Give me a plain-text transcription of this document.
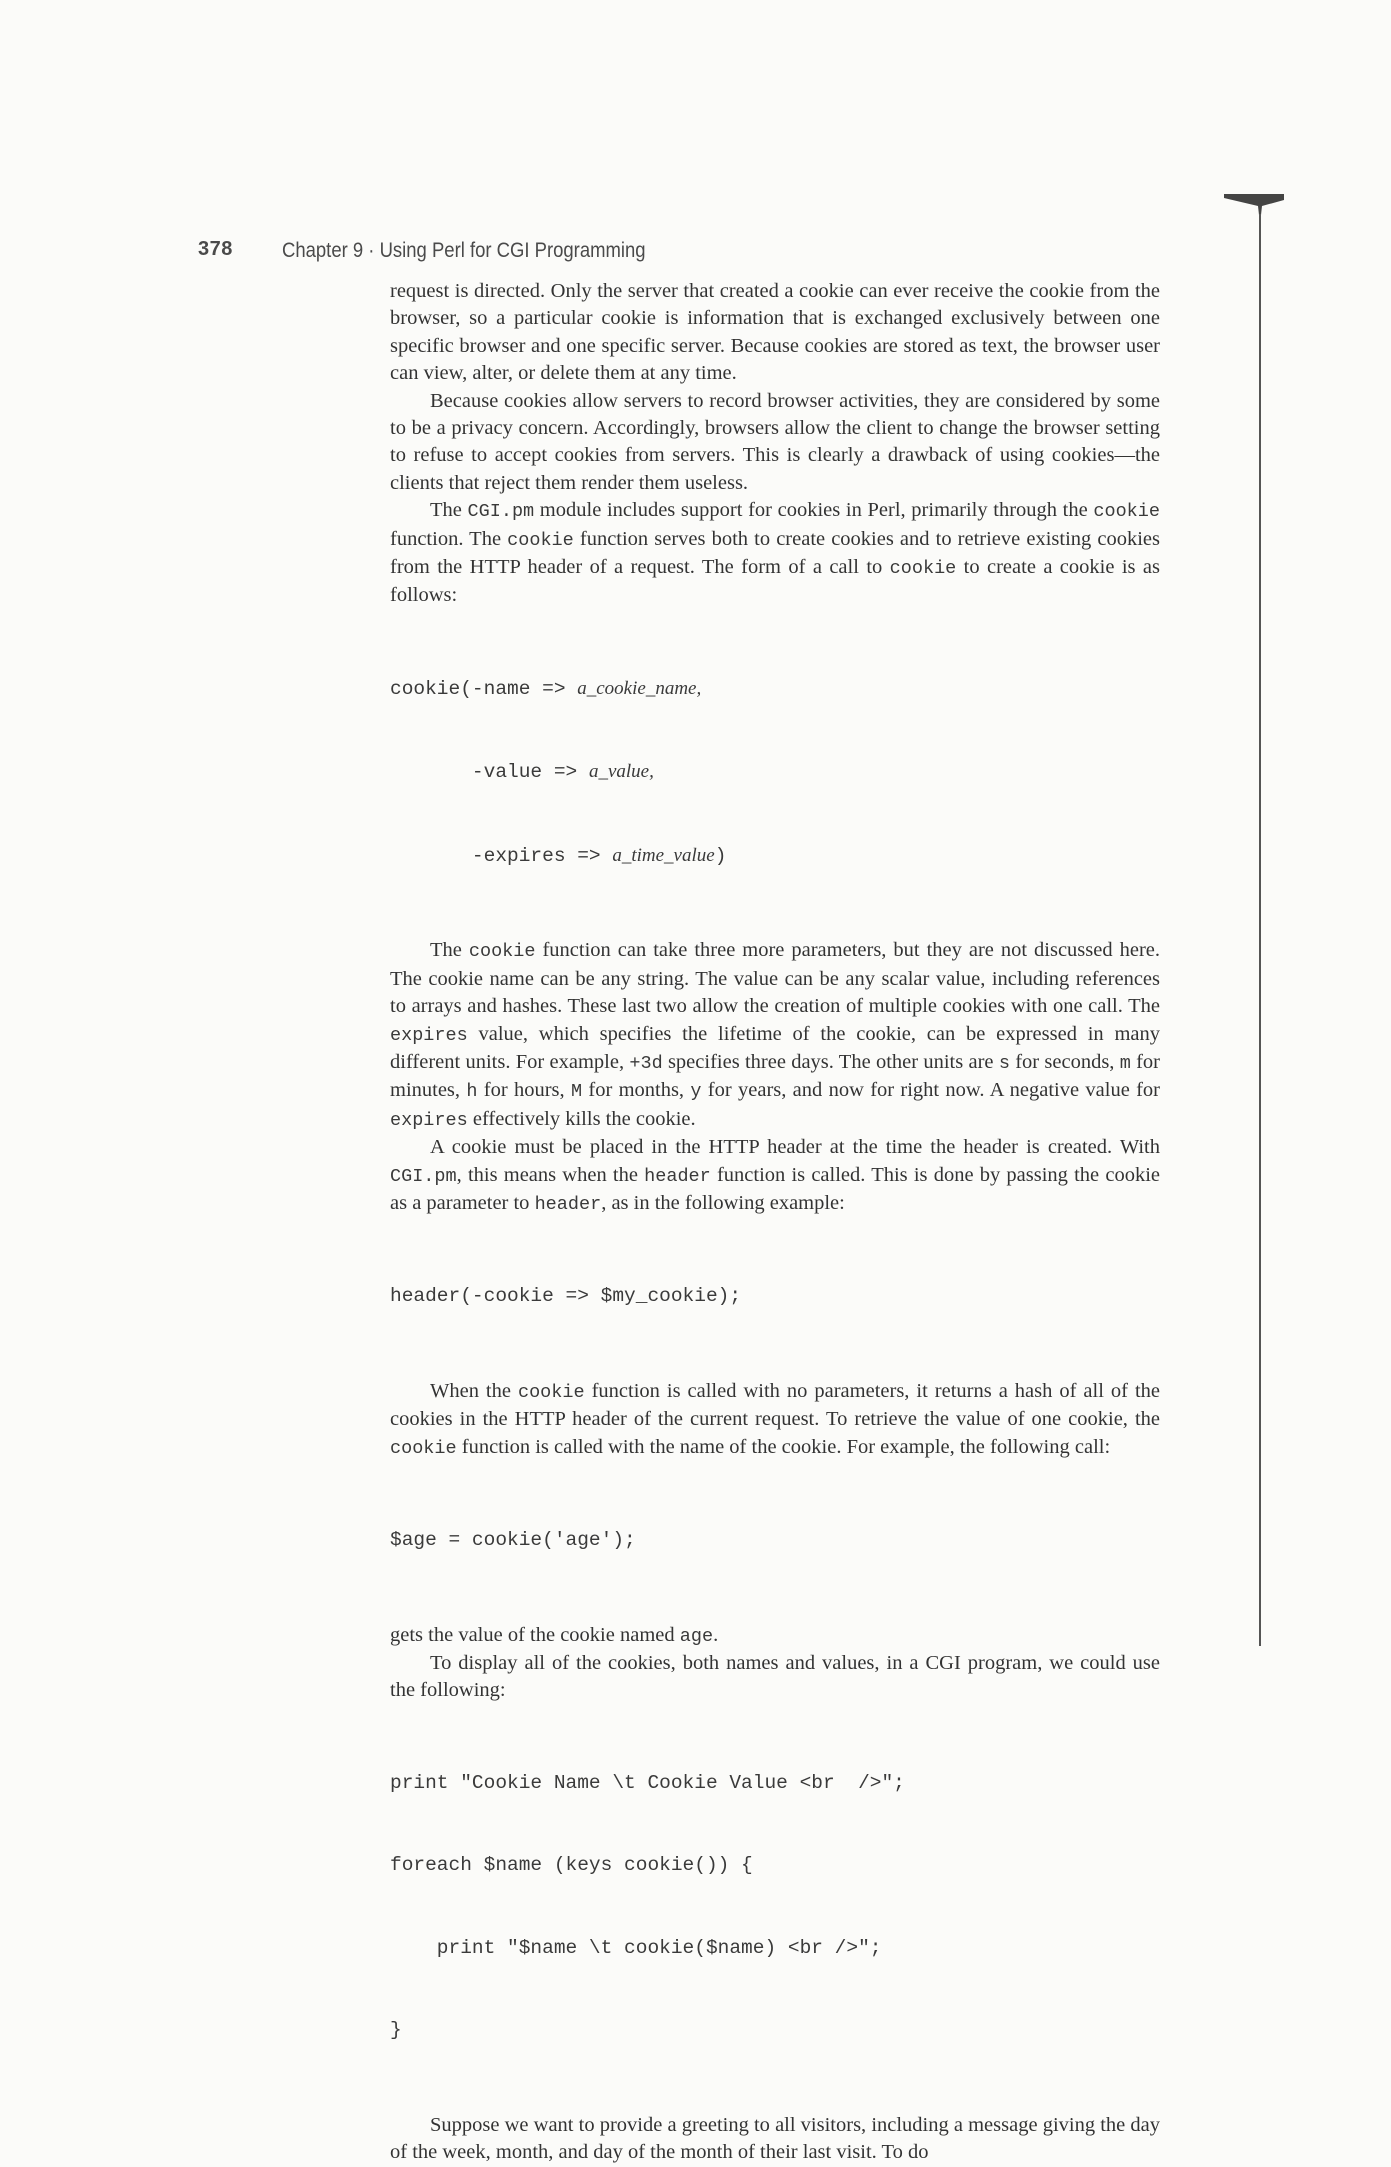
378 Chapter 9 · Using Perl for CGI Programming

request is directed. Only the server that created a cookie can ever receive the cookie from the browser, so a particular cookie is information that is exchanged exclusively between one specific browser and one specific server. Because cookies are stored as text, the browser user can view, alter, or delete them at any time.

Because cookies allow servers to record browser activities, they are considered by some to be a privacy concern. Accordingly, browsers allow the client to change the browser setting to refuse to accept cookies from servers. This is clearly a drawback of using cookies—the clients that reject them render them useless.

The CGI.pm module includes support for cookies in Perl, primarily through the cookie function. The cookie function serves both to create cookies and to retrieve existing cookies from the HTTP header of a request. The form of a call to cookie to create a cookie is as follows:

cookie(-name => a_cookie_name,

-value => a_value,

-expires => a_time_value)

The cookie function can take three more parameters, but they are not discussed here. The cookie name can be any string. The value can be any scalar value, including references to arrays and hashes. These last two allow the creation of multiple cookies with one call. The expires value, which specifies the lifetime of the cookie, can be expressed in many different units. For example, +3d specifies three days. The other units are s for seconds, m for minutes, h for hours, M for months, y for years, and now for right now. A negative value for expires effectively kills the cookie.

A cookie must be placed in the HTTP header at the time the header is created. With CGI.pm, this means when the header function is called. This is done by passing the cookie as a parameter to header, as in the following example:

header(-cookie => $my_cookie);

When the cookie function is called with no parameters, it returns a hash of all of the cookies in the HTTP header of the current request. To retrieve the value of one cookie, the cookie function is called with the name of the cookie. For example, the following call:

$age = cookie('age');

gets the value of the cookie named age.

To display all of the cookies, both names and values, in a CGI program, we could use the following:

print "Cookie Name \t Cookie Value <br  />";

foreach $name (keys cookie()) {

print "$name \t cookie($name) <br />";

}

Suppose we want to provide a greeting to all visitors, including a message giving the day of the week, month, and day of the month of their last visit. To do
